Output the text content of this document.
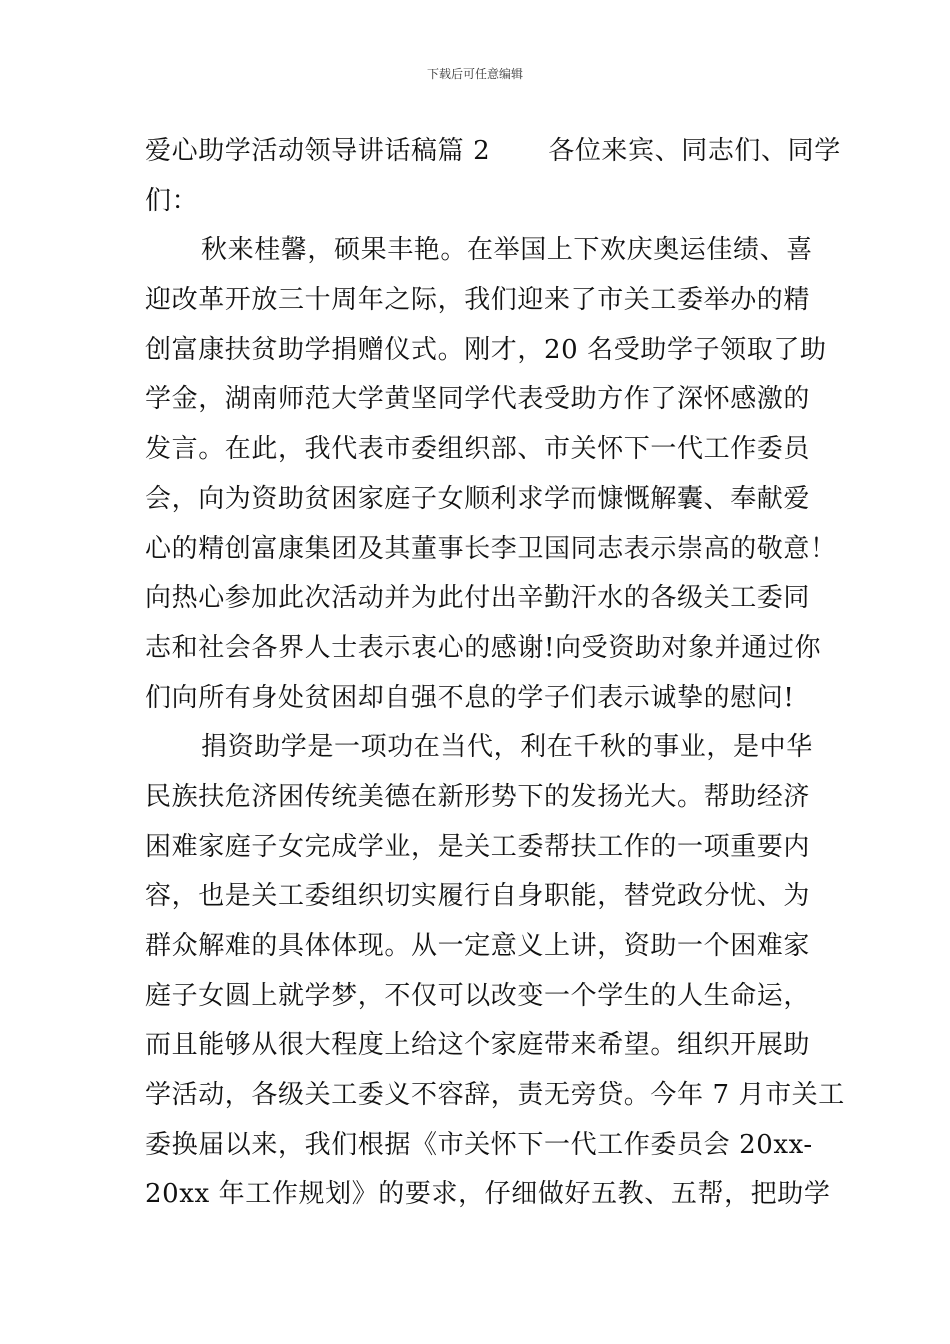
下载后可任意编辑
爱心助学活动领导讲话稿篇 2 各位来宾、同志们、同学
们：
秋来桂馨，硕果丰艳。在举国上下欢庆奥运佳绩、喜
迎改革开放三十周年之际，我们迎来了市关工委举办的精
创富康扶贫助学捐赠仪式。刚才，20 名受助学子领取了助
学金，湖南师范大学黄坚同学代表受助方作了深怀感激的
发言。在此，我代表市委组织部、市关怀下一代工作委员
会，向为资助贫困家庭子女顺利求学而慷慨解囊、奉献爱
心的精创富康集团及其董事长李卫国同志表示崇高的敬意！
向热心参加此次活动并为此付出辛勤汗水的各级关工委同
志和社会各界人士表示衷心的感谢!向受资助对象并通过你
们向所有身处贫困却自强不息的学子们表示诚挚的慰问!
捐资助学是一项功在当代，利在千秋的事业，是中华
民族扶危济困传统美德在新形势下的发扬光大。帮助经济
困难家庭子女完成学业，是关工委帮扶工作的一项重要内
容，也是关工委组织切实履行自身职能，替党政分忧、为
群众解难的具体体现。从一定意义上讲，资助一个困难家
庭子女圆上就学梦，不仅可以改变一个学生的人生命运，
而且能够从很大程度上给这个家庭带来希望。组织开展助
学活动，各级关工委义不容辞，责无旁贷。今年 7 月市关工
委换届以来，我们根据《市关怀下一代工作委员会 20xx-
20xx 年工作规划》的要求，仔细做好五教、五帮，把助学
